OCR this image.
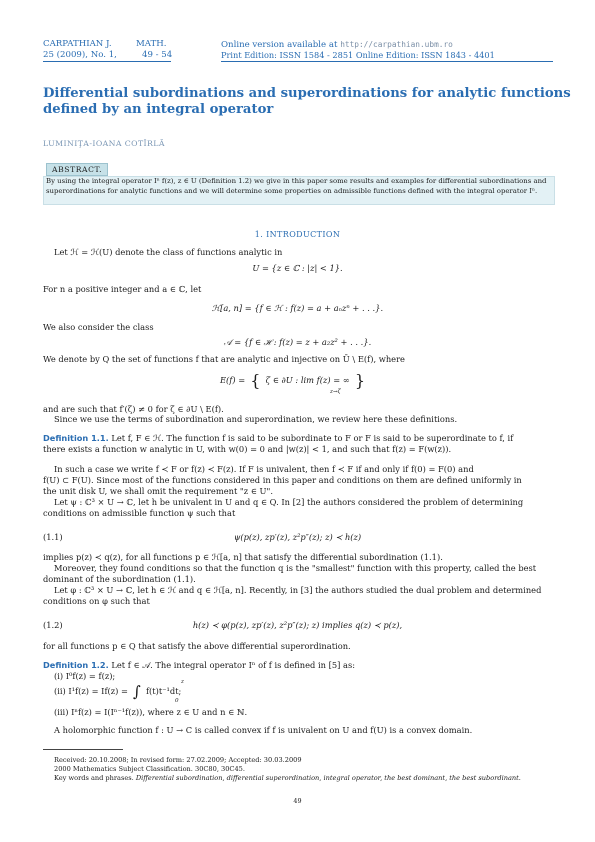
CARPATHIAN J.	MATH.
25 (2009), No. 1,	49 - 54
Online version available at http://carpathian.ubm.ro
Print Edition: ISSN 1584 - 2851 Online Edition: ISSN 1843 - 4401
Differential subordinations and superordinations for analytic functions
defined by an integral operator
LUMINIŢA-IOANA COTÎRLĂ
ABSTRACT.
By using the integral operator Iⁿ f(z), z ∈ U (Definition 1.2) we give in this paper some results and examples for differential subordinations and
superordinations for analytic functions and we will determine some properties on admissible functions defined with the integral operator Iⁿ.
1. INTRODUCTION
Let ℋ = ℋ(U) denote the class of functions analytic in
U = {z ∈ ℂ : |z| < 1}.
For n a positive integer and a ∈ ℂ, let
ℋ[a, n] = {f ∈ ℋ : f(z) = a + aₙzⁿ + . . .}.
We also consider the class
𝒜 = {f ∈ ℋ : f(z) = z + a₂z² + . . .}.
We denote by Q the set of functions f that are analytic and injective on Ū \ E(f), where
E(f) = { ζ ∈ ∂U : lim f(z) = ∞ }
z→ζ
and are such that f′(ζ) ≠ 0 for ζ ∈ ∂U \ E(f).
Since we use the terms of subordination and superordination, we review here these definitions.
Definition 1.1. Let f, F ∈ ℋ. The function f is said to be subordinate to F or F is said to be superordinate to f, if
there exists a function w analytic in U, with w(0) = 0 and |w(z)| < 1, and such that f(z) = F(w(z)).
In such a case we write f ≺ F or f(z) ≺ F(z). If F is univalent, then f ≺ F if and only if f(0) = F(0) and
f(U) ⊂ F(U). Since most of the functions considered in this paper and conditions on them are defined uniformly in
the unit disk U, we shall omit the requirement "z ∈ U".
Let ψ : ℂ³ × U → ℂ, let h be univalent in U and q ∈ Q. In [2] the authors considered the problem of determining
conditions on admissible function ψ such that
(1.1)	ψ(p(z), zp′(z), z²p″(z); z) ≺ h(z)
implies p(z) ≺ q(z), for all functions p ∈ ℋ[a, n] that satisfy the differential subordination (1.1).
Moreover, they found conditions so that the function q is the "smallest" function with this property, called the best
dominant of the subordination (1.1).
Let φ : ℂ³ × U → ℂ, let h ∈ ℋ and q ∈ ℋ[a, n]. Recently, in [3] the authors studied the dual problem and determined
conditions on φ such that
(1.2)	h(z) ≺ φ(p(z), zp′(z), z²p″(z); z) implies q(z) ≺ p(z),
for all functions p ∈ Q that satisfy the above differential superordination.
Definition 1.2. Let f ∈ 𝒜. The integral operator Iⁿ of f is defined in [5] as:
(i) I⁰f(z) = f(z);
(ii) I¹f(z) = If(z) = ∫ f(t)t⁻¹dt;
z
0
(iii) Iⁿf(z) = I(Iⁿ⁻¹f(z)), where z ∈ U and n ∈ ℕ.
A holomorphic function f : U → C is called convex if f is univalent on U and f(U) is a convex domain.
Received: 20.10.2008; In revised form: 27.02.2009; Accepted: 30.03.2009
2000 Mathematics Subject Classification. 30C80, 30C45.
Key words and phrases. Differential subordination, differential superordination, integral operator, the best dominant, the best subordinant.
49
